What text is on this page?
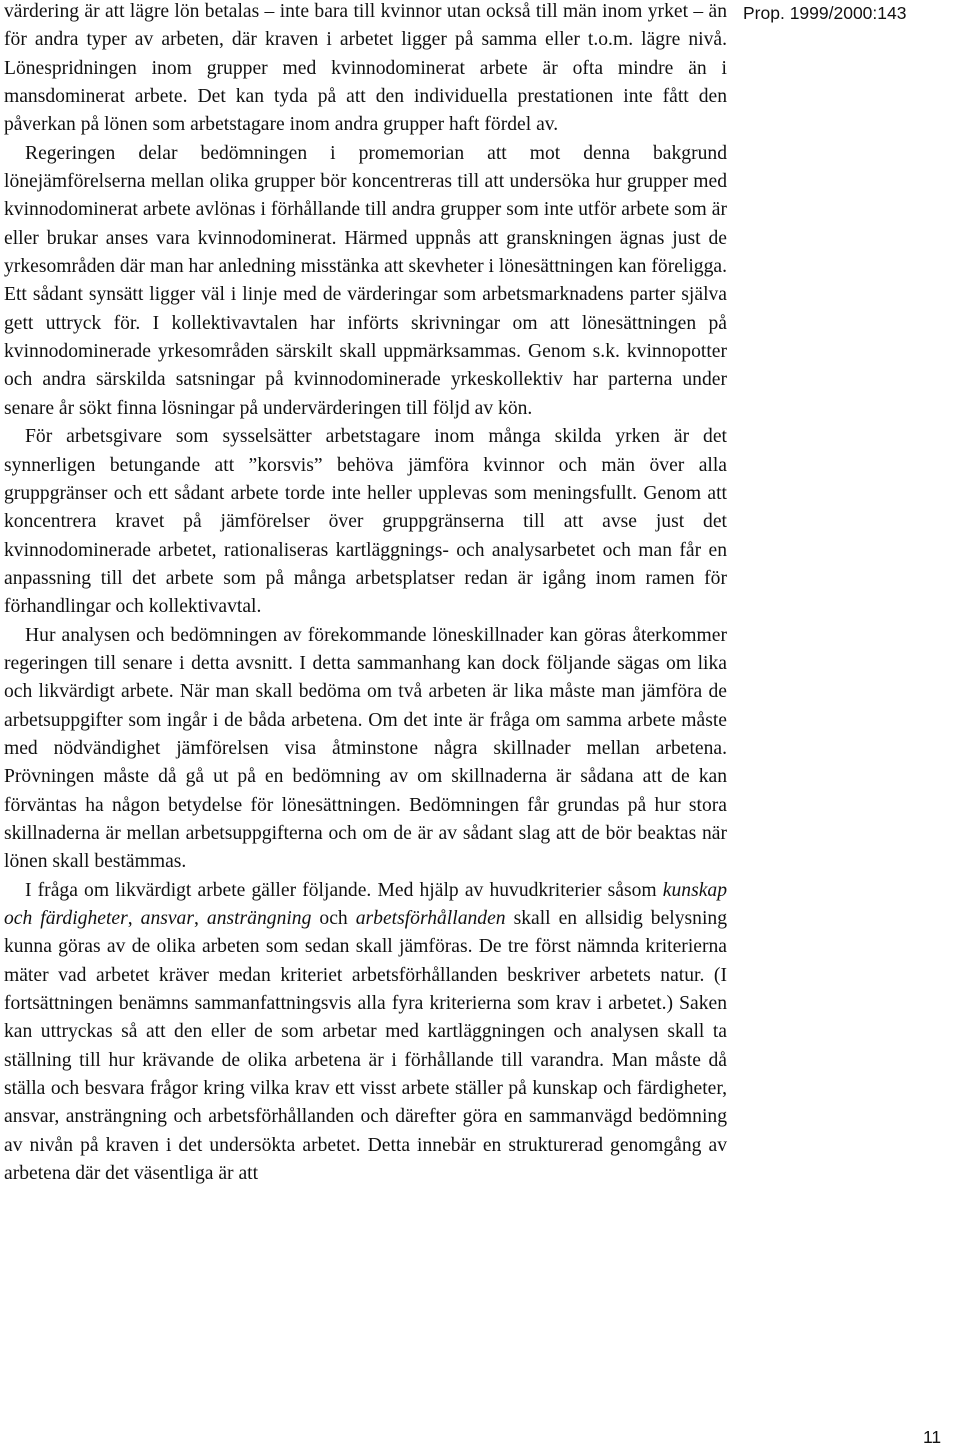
Prop. 1999/2000:143

värdering är att lägre lön betalas – inte bara till kvinnor utan också till män inom yrket – än för andra typer av arbeten, där kraven i arbetet ligger på samma eller t.o.m. lägre nivå. Lönespridningen inom grupper med kvinnodominerat arbete är ofta mindre än i mansdominerat arbete. Det kan tyda på att den individuella prestationen inte fått den påverkan på lönen som arbetstagare inom andra grupper haft fördel av.

Regeringen delar bedömningen i promemorian att mot denna bakgrund lönejämförelserna mellan olika grupper bör koncentreras till att undersöka hur grupper med kvinnodominerat arbete avlönas i förhållande till andra grupper som inte utför arbete som är eller brukar anses vara kvinnodominerat. Härmed uppnås att granskningen ägnas just de yrkesområden där man har anledning misstänka att skevheter i lönesättningen kan föreligga. Ett sådant synsätt ligger väl i linje med de värderingar som arbetsmarknadens parter själva gett uttryck för. I kollektivavtalen har införts skrivningar om att lönesättningen på kvinnodominerade yrkesområden särskilt skall uppmärksammas. Genom s.k. kvinnopotter och andra särskilda satsningar på kvinnodominerade yrkeskollektiv har parterna under senare år sökt finna lösningar på undervärderingen till följd av kön.

För arbetsgivare som sysselsätter arbetstagare inom många skilda yrken är det synnerligen betungande att ”korsvis” behöva jämföra kvinnor och män över alla gruppgränser och ett sådant arbete torde inte heller upplevas som meningsfullt. Genom att koncentrera kravet på jämförelser över gruppgränserna till att avse just det kvinnodominerade arbetet, rationaliseras kartläggnings- och analysarbetet och man får en anpassning till det arbete som på många arbetsplatser redan är igång inom ramen för förhandlingar och kollektivavtal.

Hur analysen och bedömningen av förekommande löneskillnader kan göras återkommer regeringen till senare i detta avsnitt. I detta sammanhang kan dock följande sägas om lika och likvärdigt arbete. När man skall bedöma om två arbeten är lika måste man jämföra de arbetsuppgifter som ingår i de båda arbetena. Om det inte är fråga om samma arbete måste med nödvändighet jämförelsen visa åtminstone några skillnader mellan arbetena. Prövningen måste då gå ut på en bedömning av om skillnaderna är sådana att de kan förväntas ha någon betydelse för lönesättningen. Bedömningen får grundas på hur stora skillnaderna är mellan arbetsuppgifterna och om de är av sådant slag att de bör beaktas när lönen skall bestämmas.

I fråga om likvärdigt arbete gäller följande. Med hjälp av huvudkriterier såsom kunskap och färdigheter, ansvar, ansträngning och arbetsförhållanden skall en allsidig belysning kunna göras av de olika arbeten som sedan skall jämföras. De tre först nämnda kriterierna mäter vad arbetet kräver medan kriteriet arbetsförhållanden beskriver arbetets natur. (I fortsättningen benämns sammanfattningsvis alla fyra kriterierna som krav i arbetet.) Saken kan uttryckas så att den eller de som arbetar med kartläggningen och analysen skall ta ställning till hur krävande de olika arbetena är i förhållande till varandra. Man måste då ställa och besvara frågor kring vilka krav ett visst arbete ställer på kunskap och färdigheter, ansvar, ansträngning och arbetsförhållanden och därefter göra en sammanvägd bedömning av nivån på kraven i det undersökta arbetet. Detta innebär en strukturerad genomgång av arbetena där det väsentliga är att

11
